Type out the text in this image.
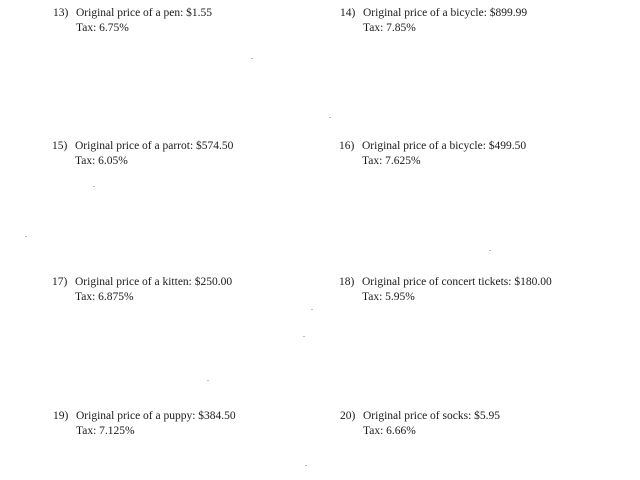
13) Original price of a pen: $1.55
Tax: 6.75%
14) Original price of a bicycle: $899.99
Tax: 7.85%
15) Original price of a parrot: $574.50
Tax: 6.05%
16) Original price of a bicycle: $499.50
Tax: 7.625%
17) Original price of a kitten: $250.00
Tax: 6.875%
18) Original price of concert tickets: $180.00
Tax: 5.95%
19) Original price of a puppy: $384.50
Tax: 7.125%
20) Original price of socks: $5.95
Tax: 6.66%
